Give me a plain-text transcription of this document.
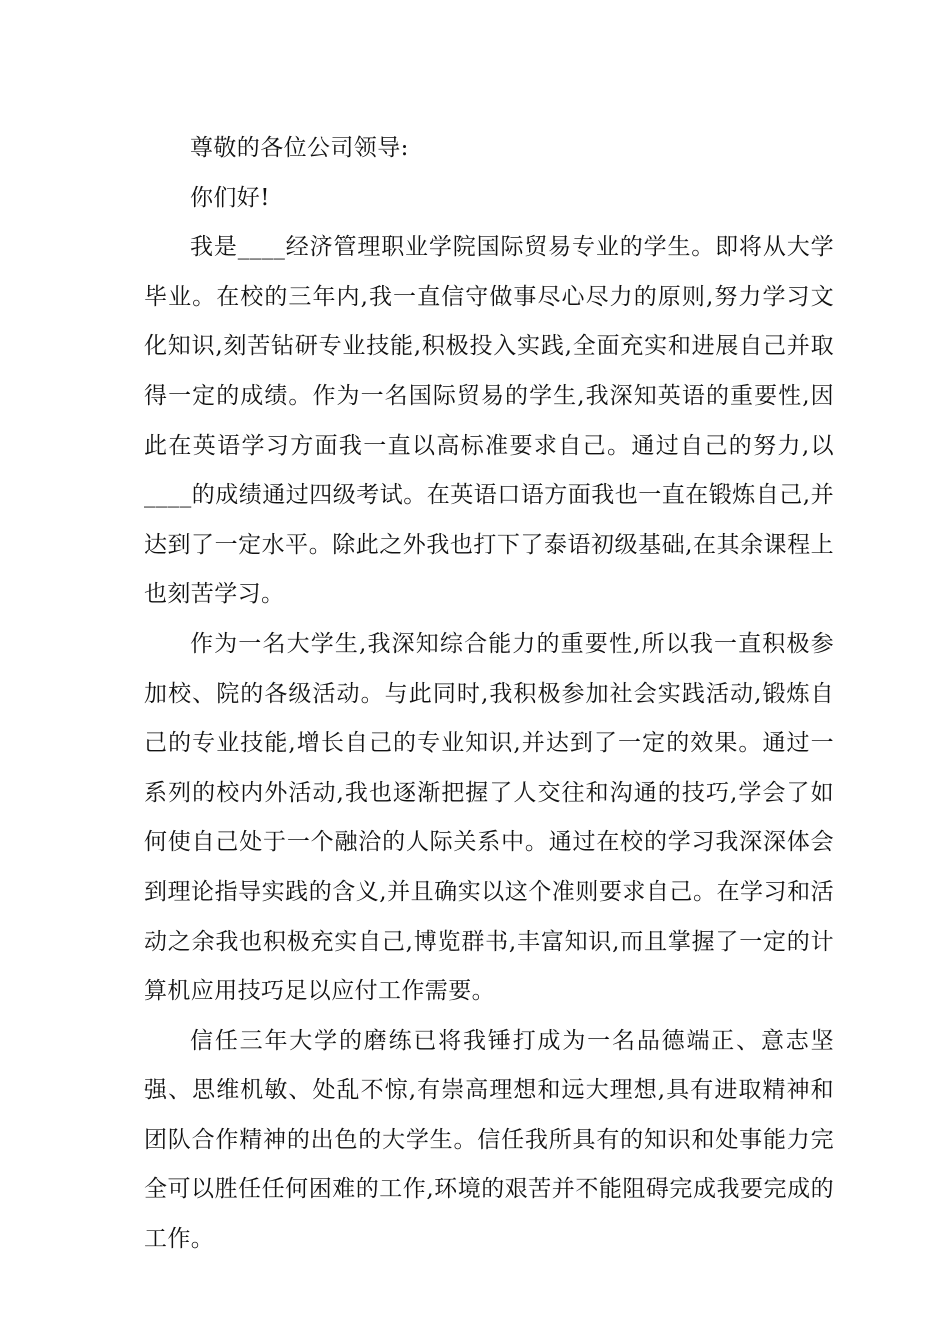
尊敬的各位公司领导:

你们好!

我是____经济管理职业学院国际贸易专业的学生。即将从大学毕业。在校的三年内,我一直信守做事尽心尽力的原则,努力学习文化知识,刻苦钻研专业技能,积极投入实践,全面充实和进展自己并取得一定的成绩。作为一名国际贸易的学生,我深知英语的重要性,因此在英语学习方面我一直以高标准要求自己。通过自己的努力,以____的成绩通过四级考试。在英语口语方面我也一直在锻炼自己,并达到了一定水平。除此之外我也打下了泰语初级基础,在其余课程上也刻苦学习。

作为一名大学生,我深知综合能力的重要性,所以我一直积极参加校、院的各级活动。与此同时,我积极参加社会实践活动,锻炼自己的专业技能,增长自己的专业知识,并达到了一定的效果。通过一系列的校内外活动,我也逐渐把握了人交往和沟通的技巧,学会了如何使自己处于一个融洽的人际关系中。通过在校的学习我深深体会到理论指导实践的含义,并且确实以这个准则要求自己。在学习和活动之余我也积极充实自己,博览群书,丰富知识,而且掌握了一定的计算机应用技巧足以应付工作需要。

信任三年大学的磨练已将我锤打成为一名品德端正、意志坚强、思维机敏、处乱不惊,有崇高理想和远大理想,具有进取精神和团队合作精神的出色的大学生。信任我所具有的知识和处事能力完全可以胜任任何困难的工作,环境的艰苦并不能阻碍完成我要完成的工作。
